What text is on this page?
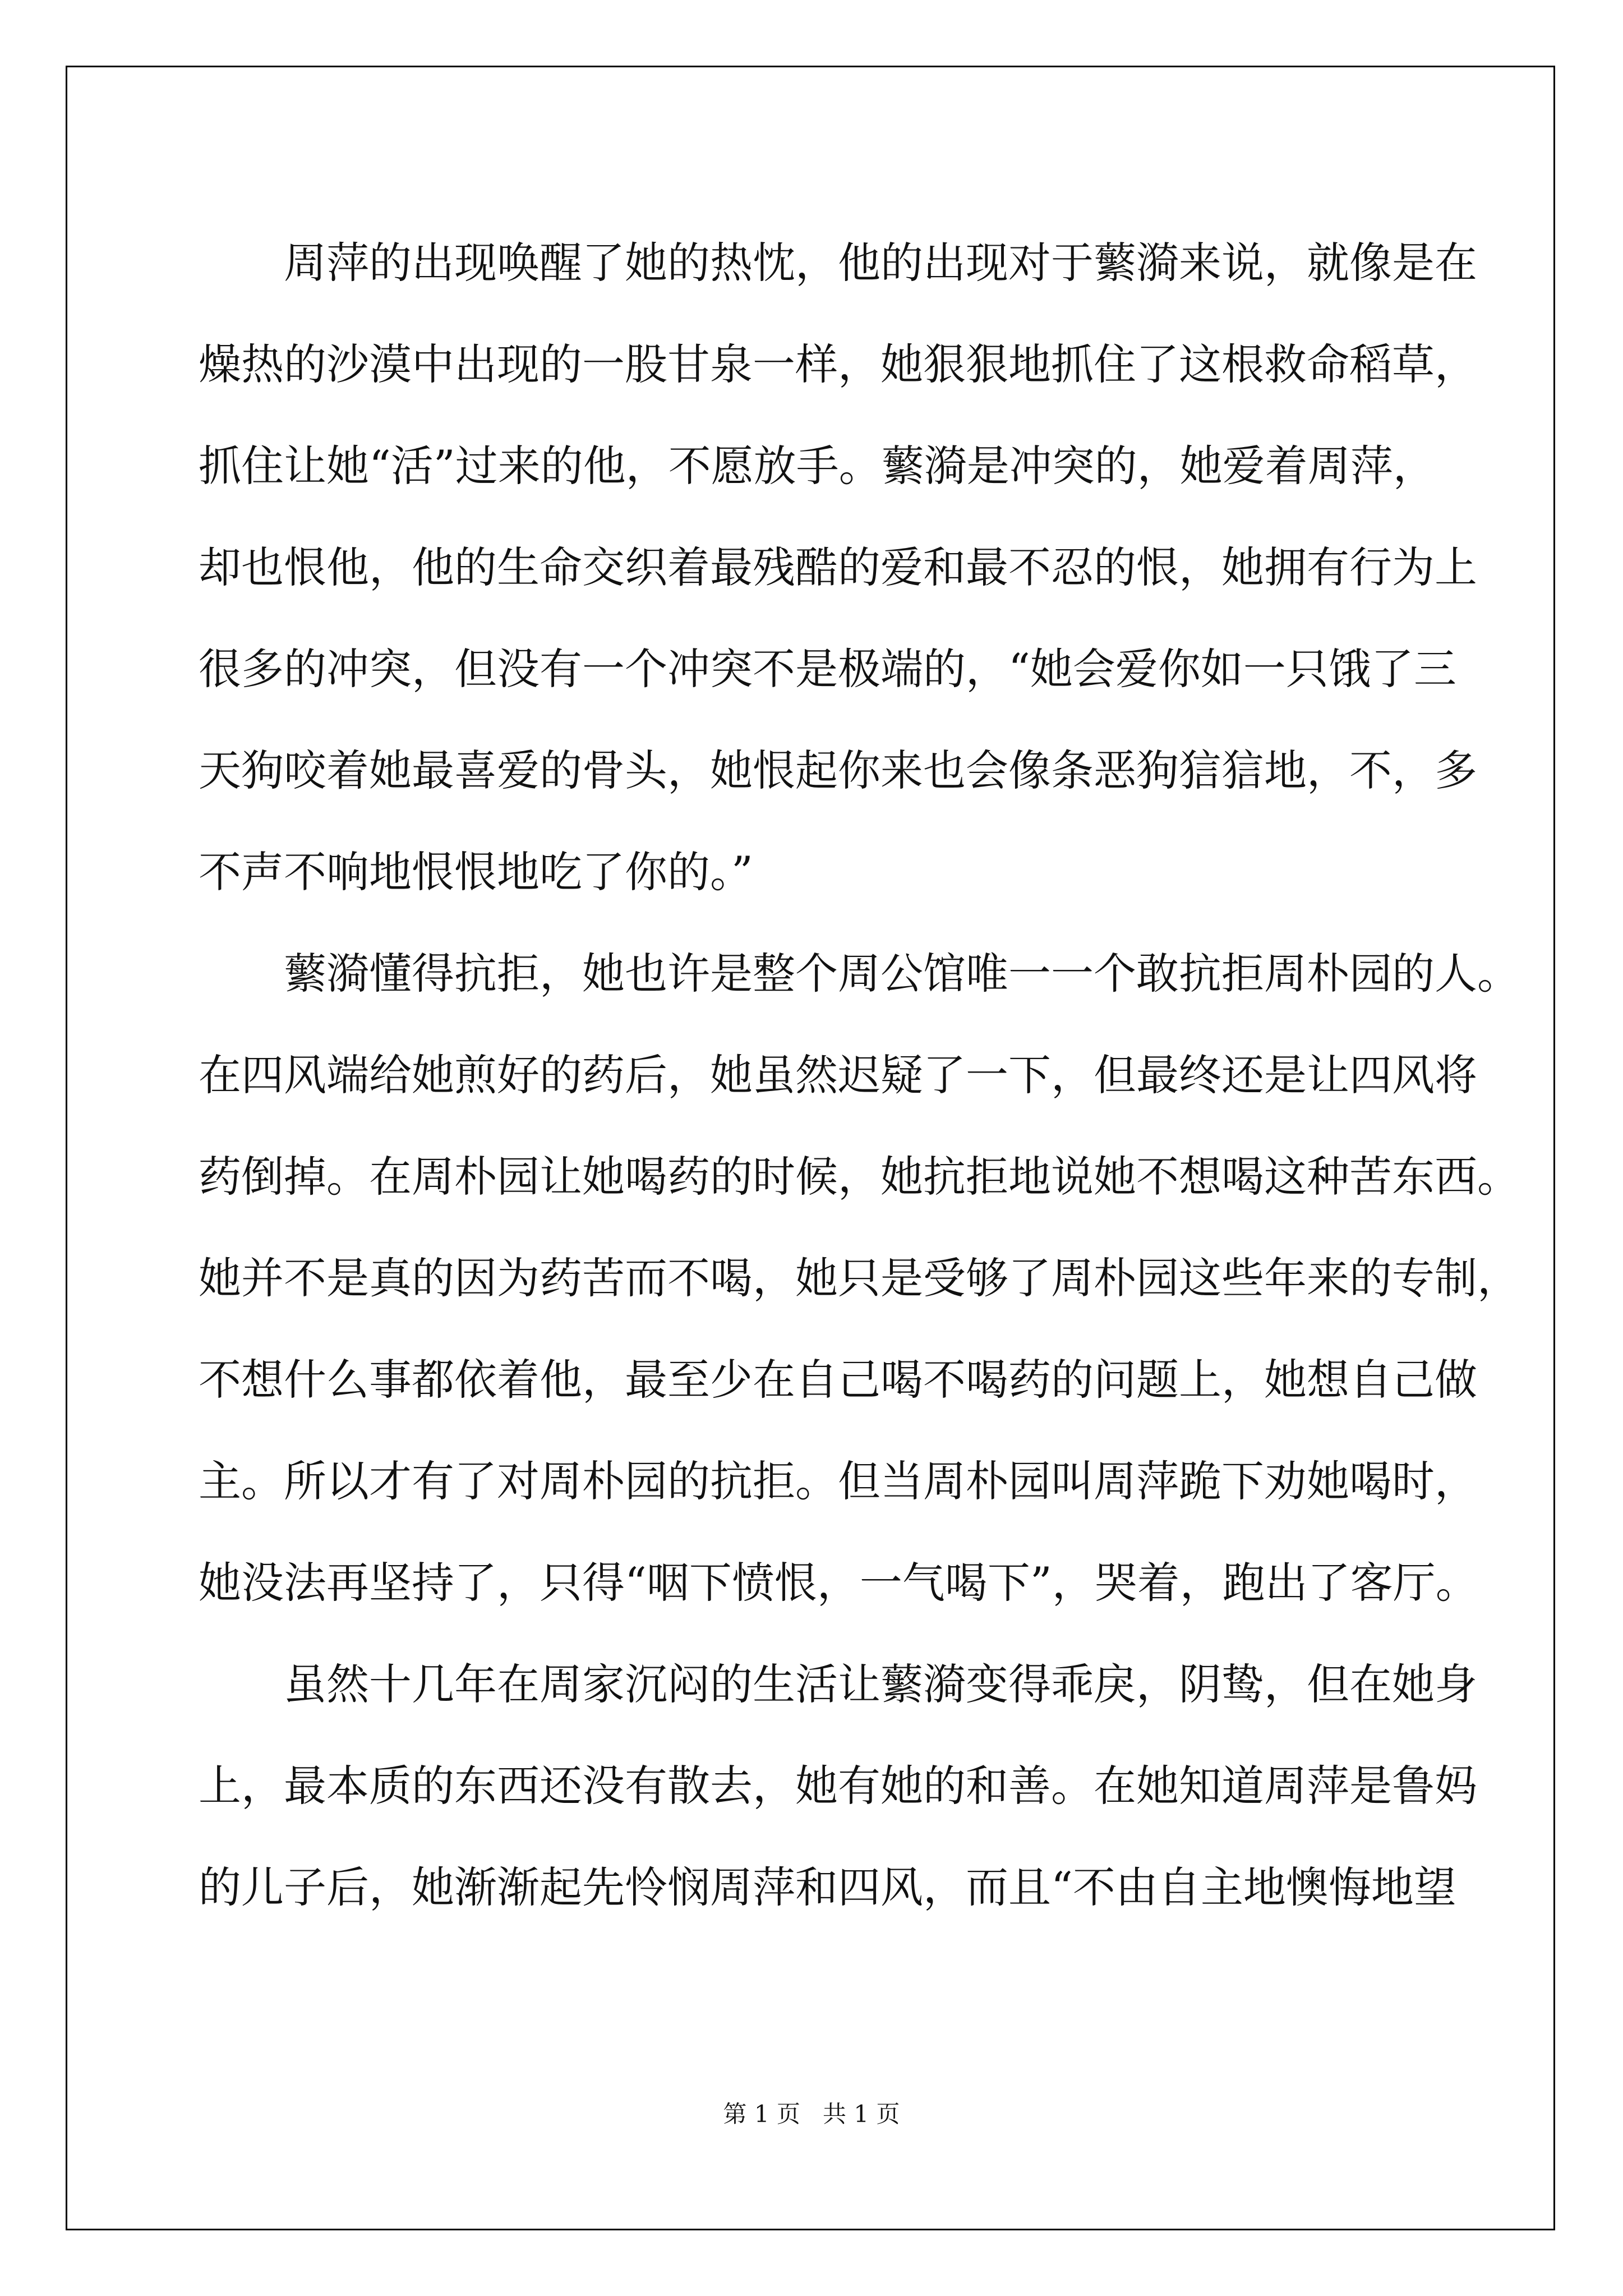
周萍的出现唤醒了她的热忱，他的出现对于蘩漪来说，就像是在
燥热的沙漠中出现的一股甘泉一样，她狠狠地抓住了这根救命稻草，
抓住让她“活”过来的他，不愿放手。蘩漪是冲突的，她爱着周萍，
却也恨他，他的生命交织着最残酷的爱和最不忍的恨，她拥有行为上
很多的冲突，但没有一个冲突不是极端的，“她会爱你如一只饿了三
天狗咬着她最喜爱的骨头，她恨起你来也会像条恶狗狺狺地，不，多
不声不响地恨恨地吃了你的。”
蘩漪懂得抗拒，她也许是整个周公馆唯一一个敢抗拒周朴园的人。
在四风端给她煎好的药后，她虽然迟疑了一下，但最终还是让四风将
药倒掉。在周朴园让她喝药的时候，她抗拒地说她不想喝这种苦东西。
她并不是真的因为药苦而不喝，她只是受够了周朴园这些年来的专制，
不想什么事都依着他，最至少在自己喝不喝药的问题上，她想自己做
主。所以才有了对周朴园的抗拒。但当周朴园叫周萍跪下劝她喝时，
她没法再坚持了，只得“咽下愤恨，一气喝下”，哭着，跑出了客厅。
虽然十几年在周家沉闷的生活让蘩漪变得乖戾，阴鸷，但在她身
上，最本质的东西还没有散去，她有她的和善。在她知道周萍是鲁妈
的儿子后，她渐渐起先怜悯周萍和四风，而且“不由自主地懊悔地望
第 1 页   共 1 页
